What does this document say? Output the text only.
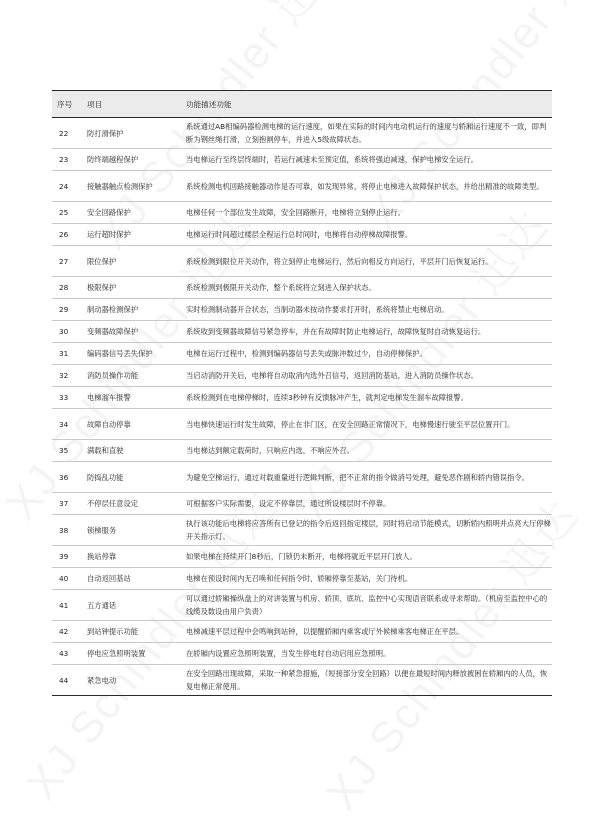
序号	项目	功能描述功能
22	防打滑保护	系统通过AB相编码器检测电梯的运行速度，如果在实际的时间内电动机运行的速度与轿厢运行速度不一致，即判断为钢丝绳打滑，立刻抱闸停车，并进入5级故障状态。
23	防终端越程保护	当电梯运行至终层终端时，若运行减速未至预定值，系统将强迫减速，保护电梯安全运行。
24	接触器触点检测保护	系统检测电机回路接触器动作是否可靠，如发现异常，将停止电梯进入故障保护状态，并给出精准的故障类型。
25	安全回路保护	电梯任何一个部位发生故障，安全回路断开，电梯将立刻停止运行。
26	运行超时保护	电梯运行时间超过楼层全程运行总时间时，电梯将自动停梯故障报警。
27	限位保护	系统检测到限位开关动作，将立刻停止电梯运行，然后向相反方向运行，平层开门后恢复运行。
28	极限保护	系统检测到极限开关动作，整个系统将立刻进入保护状态。
29	制动器检测保护	实时检测制动器开合状态，当制动器未按动作要求打开时，系统将禁止电梯启动。
30	变频器故障保护	系统收到变频器故障信号紧急停车，并在有故障时防止电梯运行，故障恢复时自动恢复运行。
31	编码器信号丢失保护	电梯在运行过程中，检测到编码器信号丢失或脉冲数过少，自动停梯保护。
32	消防员操作功能	当启动消防开关后，电梯将自动取消内选外召信号，返回消防基站，进入消防员操作状态。
33	电梯溜车报警	系统检测到在电梯停梯时，连续3秒钟有反馈脉冲产生，就判定电梯发生溜车故障报警。
34	故障自动停靠	当电梯快速运行时发生故障，停止在非门区，在安全回路正常情况下，电梯慢速行驶至平层位置开门。
35	满载和直驶	当电梯达到额定载荷时，只响应内选，不响应外召。
36	防捣乱功能	为避免空梯运行，通过对载重量进行逻辑判断，把不正常的指令做消号处理，避免恶作剧和轿内错误指令。
37	不停层任意设定	可根据客户实际需要，设定不停靠层，通过所设楼层时不停靠。
38	锁梯服务	执行该功能后电梯将应答所有已登记的指令后返回指定楼层，同时将启动节能模式，切断轿内照明并点亮大厅停梯开关指示灯。
39	换站停靠	如果电梯在持续开门8秒后，门锁仍未断开，电梯将就近平层开门放人。
40	自动返回基站	电梯在预设时间内无召唤和任何指令时，轿厢停靠至基站，关门待机。
41	五方通话	可以通过轿厢操纵盘上的对讲装置与机房、轿顶、底坑、监控中心实现语音联系或寻求帮助。（机房至监控中心的线缆及数设由用户负责）
42	到站钟提示功能	电梯减速平层过程中会鸣响到站钟，以提醒轿厢内乘客或厅外候梯乘客电梯正在平层。
43	停电应急照明装置	在轿厢内设置应急照明装置，当发生停电时自动启用应急照明。
44	紧急电动	在安全回路出现故障，采取一种紧急措施，（短接部分安全回路）以便在最短时间内释放被困在轿厢内的人员，恢复电梯正常使用。
